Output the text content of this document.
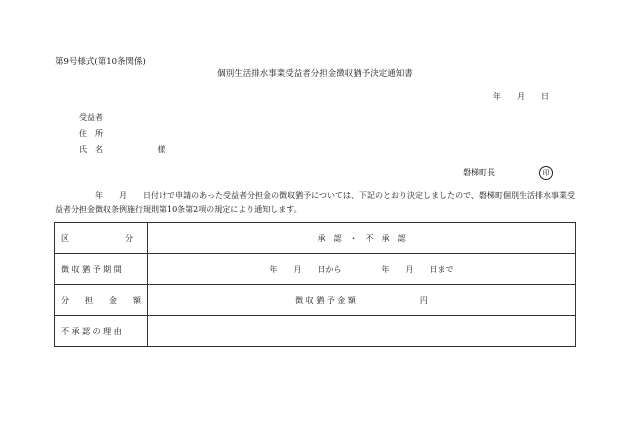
第9号様式(第10条関係)
個別生活排水事業受益者分担金徴収猶予決定通知書
年 月 日
受益者
住　所
氏　名	様
磐梯町長	印
年　　月　　日付けで申請のあった受益者分担金の徴収猶予については、下記のとおり決定しましたので、磐梯町個別生活排水事業受益者分担金徴収条例施行規則第10条第2項の規定により通知します。
区　　　　　　　分	承　認　・　不　承　認
徴 収 猶 予 期 間	年　　月　　日から　　　　　年　　月　　日まで
分　　担　　金　　額	徴 収 猶 予 金 額　　　　　　　　円
不 承 認 の 理 由	
